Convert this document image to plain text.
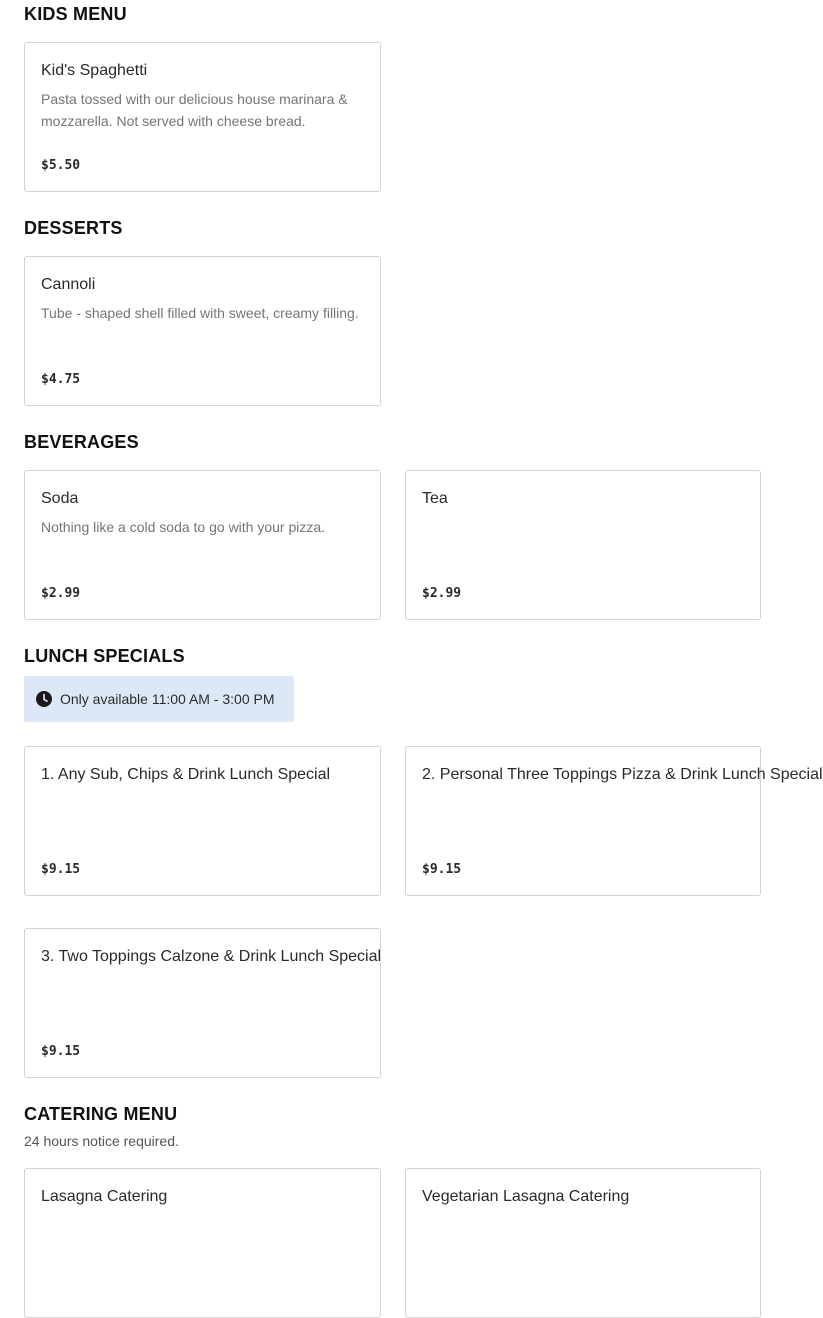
KIDS MENU
Kid's Spaghetti
Pasta tossed with our delicious house marinara & mozzarella. Not served with cheese bread.
$5.50
DESSERTS
Cannoli
Tube - shaped shell filled with sweet, creamy filling.
$4.75
BEVERAGES
Soda
Nothing like a cold soda to go with your pizza.
$2.99
Tea
$2.99
LUNCH SPECIALS
Only available 11:00 AM - 3:00 PM
1. Any Sub, Chips & Drink Lunch Special
$9.15
2. Personal Three Toppings Pizza & Drink Lunch Special
$9.15
3. Two Toppings Calzone & Drink Lunch Special
$9.15
CATERING MENU
24 hours notice required.
Lasagna Catering	Vegetarian Lasagna Catering
